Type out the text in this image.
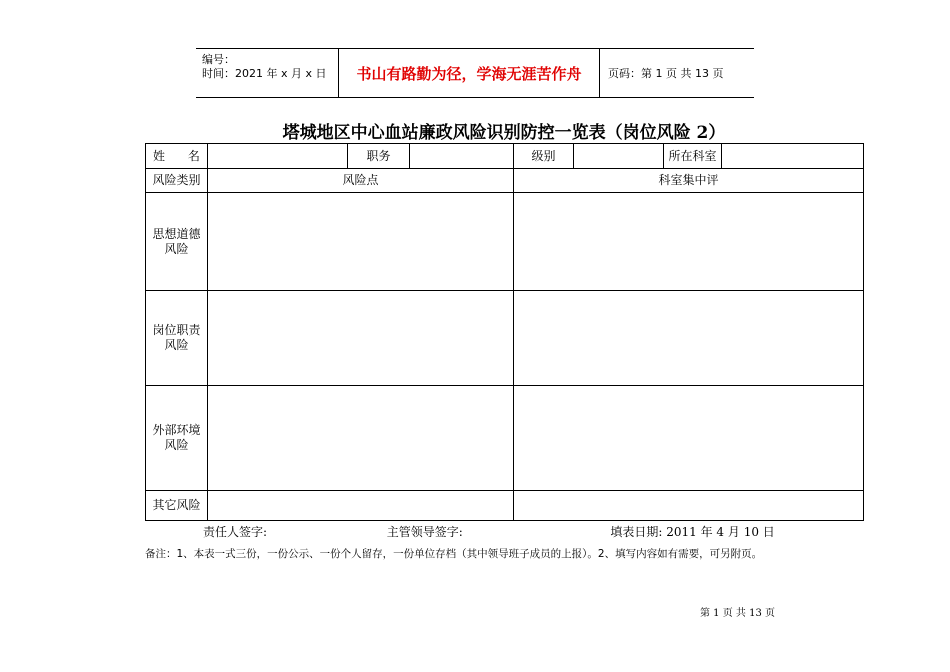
编号：
时间：2021 年 x 月 x 日	书山有路勤为径，学海无涯苦作舟	页码：第 1 页 共 13 页
塔城地区中心血站廉政风险识别防控一览表（岗位风险 2）
姓      名		职务		级别		所在科室	
风险类别	风险点			科室集中评			

思想道德
风险							

岗位职责
风险							

外部环境
风险							

其它风险							

责任人签字:	主管领导签字:	填表日期: 2011 年 4 月 10 日
备注：1、本表一式三份，一份公示、一份个人留存，一份单位存档（其中领导班子成员的上报）。2、填写内容如有需要，可另附页。
第 1 页 共 13 页
